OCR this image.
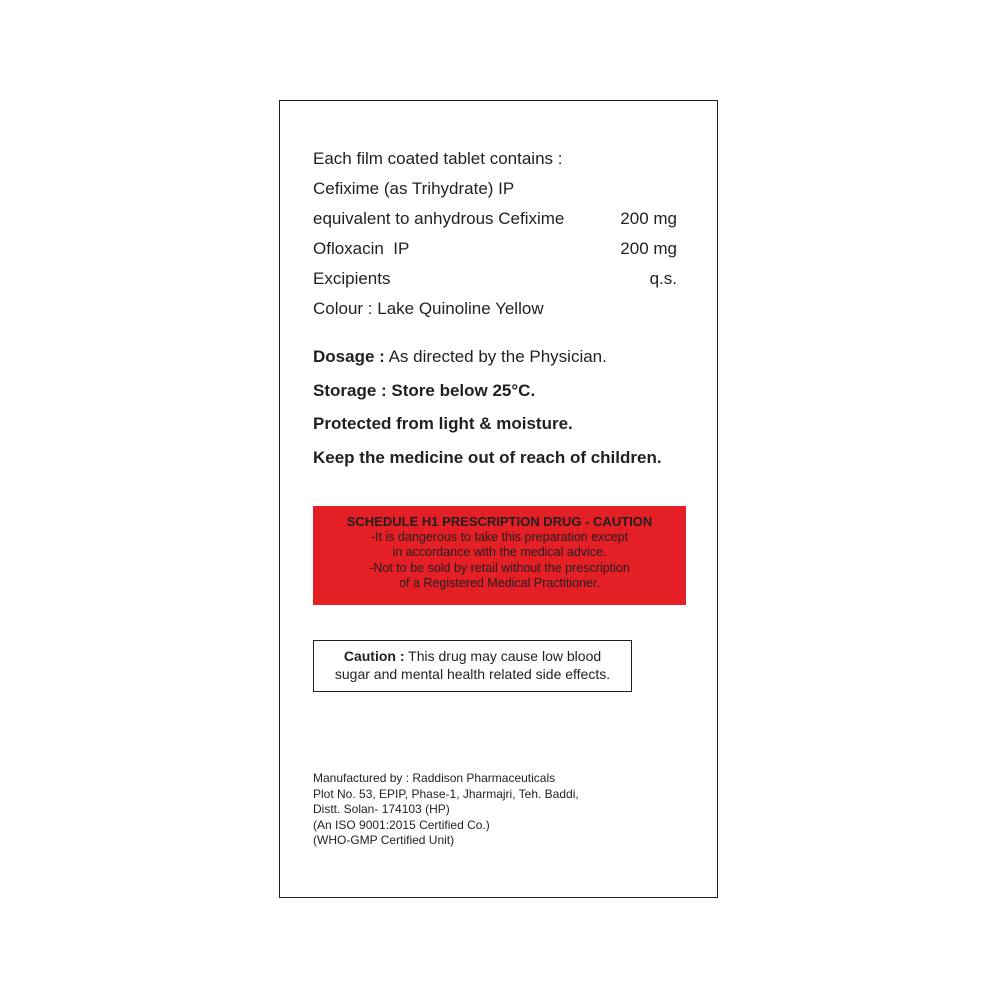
Each film coated tablet contains :
Cefixime (as Trihydrate) IP
equivalent to anhydrous Cefixime	200 mg
Ofloxacin  IP	200 mg
Excipients	q.s.
Colour : Lake Quinoline Yellow
Dosage : As directed by the Physician.
Storage : Store below 25°C.
Protected from light & moisture.
Keep the medicine out of reach of children.
SCHEDULE H1 PRESCRIPTION DRUG - CAUTION
-It is dangerous to take this preparation except
in accordance with the medical advice.
-Not to be sold by retail without the prescription
of a Registered Medical Practitioner.
Caution : This drug may cause low blood
sugar and mental health related side effects.
Manufactured by : Raddison Pharmaceuticals
Plot No. 53, EPIP, Phase-1, Jharmajri, Teh. Baddi,
Distt. Solan- 174103 (HP)
(An ISO 9001:2015 Certified Co.)
(WHO-GMP Certified Unit)
